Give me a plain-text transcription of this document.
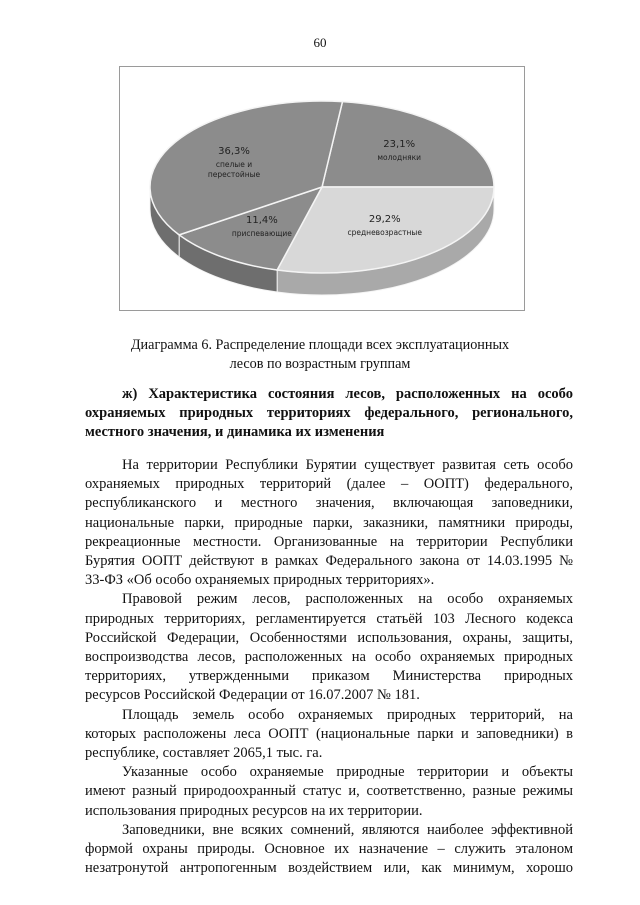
60
23,1%
молодняки
29,2%
средневозрастные
11,4%
приспевающие
36,3%
спелые и
перестойные
Диаграмма 6. Распределение площади всех эксплуатационных
лесов по возрастным группам
ж) Характеристика состояния лесов, расположенных на особо
охраняемых природных территориях федерального, регионального,
местного значения, и динамика их изменения

На территории Республики Бурятии существует развитая сеть особо
охраняемых природных территорий (далее – ООПТ) федерального,
республиканского и местного значения, включающая заповедники,
национальные парки, природные парки, заказники, памятники природы,
рекреационные местности. Организованные на территории Республики
Бурятия ООПТ действуют в рамках Федерального закона от 14.03.1995 №
33-ФЗ «Об особо охраняемых природных территориях».

Правовой режим лесов, расположенных на особо охраняемых
природных территориях, регламентируется статьёй 103 Лесного кодекса
Российской Федерации, Особенностями использования, охраны, защиты,
воспроизводства лесов, расположенных на особо охраняемых природных
территориях, утвержденными приказом Министерства природных
ресурсов Российской Федерации от 16.07.2007 № 181.

Площадь земель особо охраняемых природных территорий, на
которых расположены леса ООПТ (национальные парки и заповедники) в
республике, составляет 2065,1 тыс. га.

Указанные особо охраняемые природные территории и объекты
имеют разный природоохранный статус и, соответственно, разные режимы
использования природных ресурсов на их территории.

Заповедники, вне всяких сомнений, являются наиболее эффективной
формой охраны природы. Основное их назначение – служить эталоном
незатронутой антропогенным воздействием или, как минимум, хорошо
